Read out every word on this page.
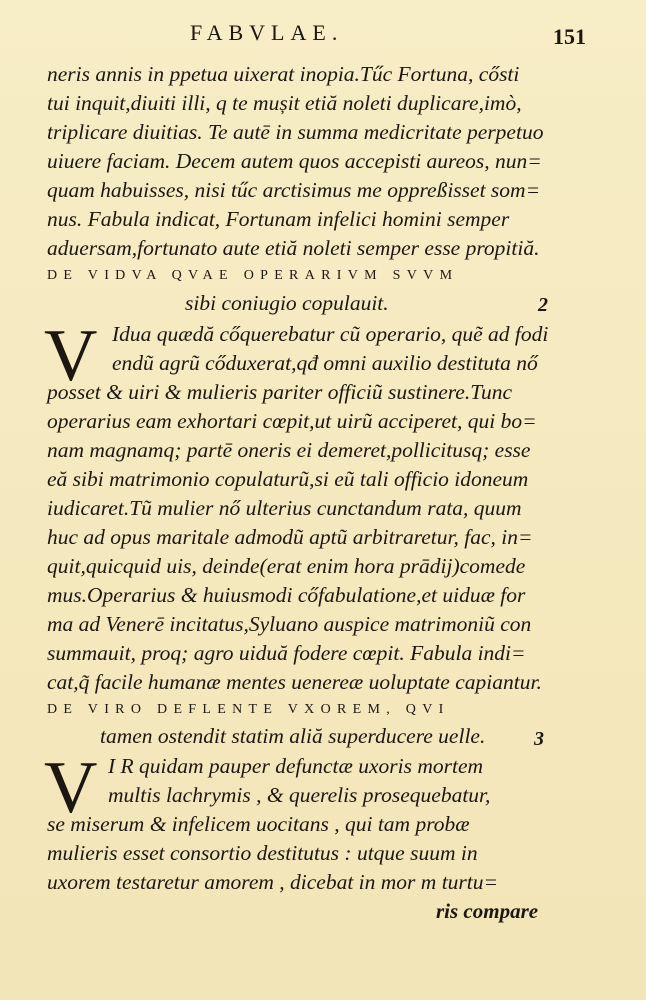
FABVLAE.	151
neris annis in ppetua uixerat inopia.Tűc Fortuna, cősti
tui inquit,diuiti illi, q te mușit etiă noleti duplicare,imò,
triplicare diuitias. Te autē in summa medicritate perpetuo
uiuere faciam. Decem autem quos accepisti aureos, nun=
quam habuisses, nisi tűc arctisimus me oppreßisset som=
nus. Fabula indicat, Fortunam infelici homini semper
aduersam,fortunato aute etiă noleti semper esse propitiă.
DE VIDVA QVAE OPERARIVM SVVM
sibi coniugio copulauit.	2
V Idua quædă cőquerebatur cũ operario, quẽ ad fodi
endũ agrũ cőduxerat,qđ omni auxilio destituta nő
posset & uiri & mulieris pariter officiũ sustinere.Tunc
operarius eam exhortari cœpit,ut uirũ acciperet, qui bo=
nam magnamq; partē oneris ei demeret,pollicitusq; esse
eă sibi matrimonio copulaturũ,si eũ tali officio idoneum
iudicaret.Tũ mulier nő ulterius cunctandum rata, quum
huc ad opus maritale admodũ aptũ arbitraretur, fac, in=
quit,quicquid uis, deinde(erat enim hora prādij)comede
mus.Operarius & huiusmodi cőfabulatione,et uiduæ for
ma ad Venerē incitatus,Syluano auspice matrimoniũ con
summauit, proq; agro uiduă fodere cœpit. Fabula indi=
cat,q̃ facile humanæ mentes uenereæ uoluptate capiantur.
DE VIRO DEFLENTE VXOREM, QVI
tamen ostendit statim aliă superducere uelle. 3
V I R quidam pauper defunctæ uxoris mortem
multis lachrymis , & querelis prosequebatur,
se miserum & infelicem uocitans , qui tam probæ
mulieris esset consortio destitutus : utque suum in
uxorem testaretur amorem , dicebat in mor m turtu=
ris compare
